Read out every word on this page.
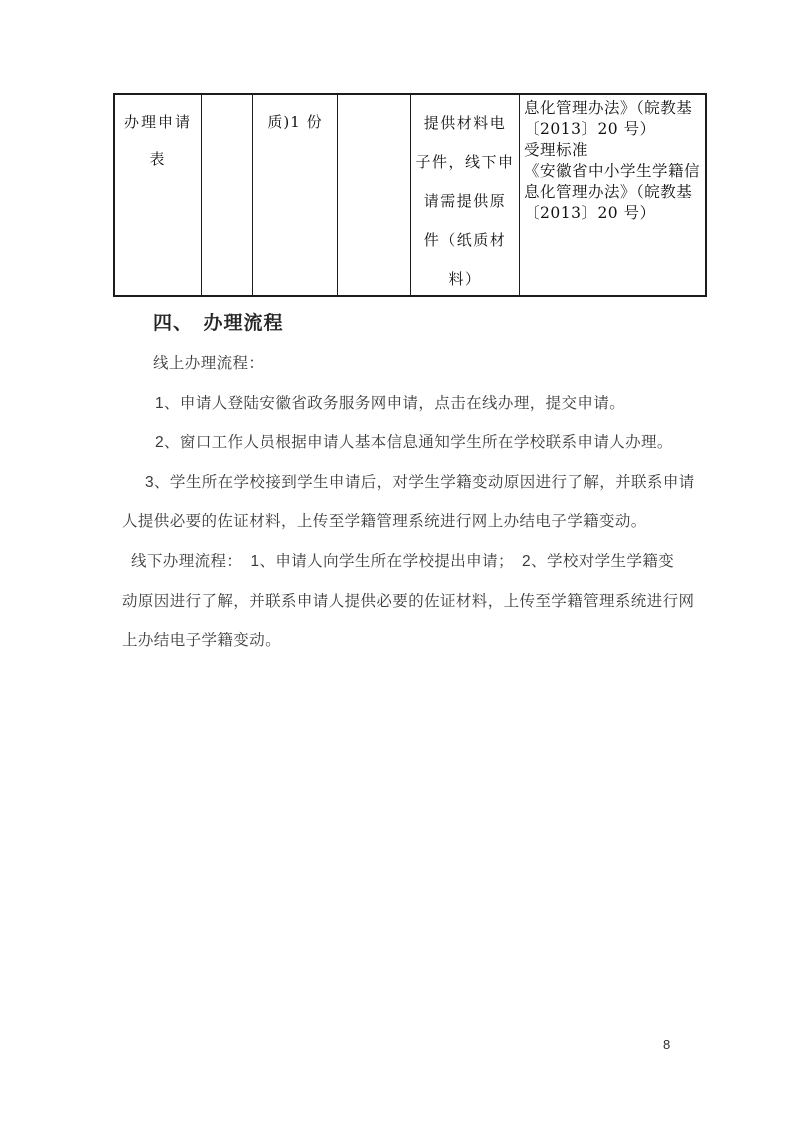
办理申请
表
质)1 份	提供材料电
子件，线下申
请需提供原
件（纸质材
料）
息化管理办法》（皖教基
〔2013〕20 号）
受理标准
《安徽省中小学生学籍信
息化管理办法》（皖教基
〔2013〕20 号）
四、　办理流程
线上办理流程：
1、申请人登陆安徽省政务服务网申请，点击在线办理，提交申请。
2、窗口工作人员根据申请人基本信息通知学生所在学校联系申请人办理。
3、学生所在学校接到学生申请后，对学生学籍变动原因进行了解，并联系申请
人提供必要的佐证材料，上传至学籍管理系统进行网上办结电子学籍变动。
线下办理流程：　1、申请人向学生所在学校提出申请；　2、学校对学生学籍变
动原因进行了解，并联系申请人提供必要的佐证材料，上传至学籍管理系统进行网
上办结电子学籍变动。
8
